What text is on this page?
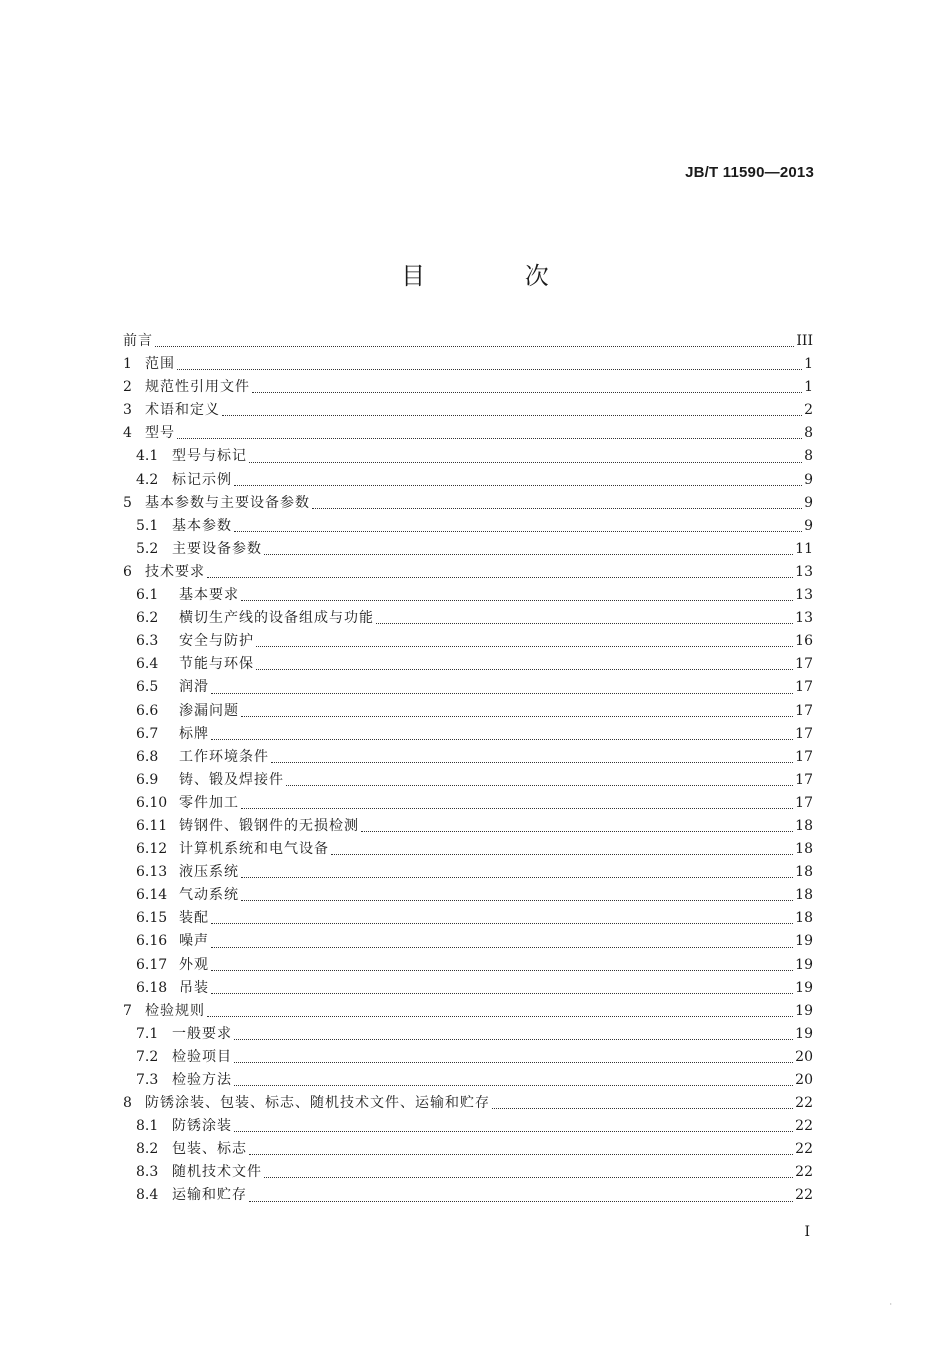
JB/T 11590—2013
目 次
前言	III
1 范围	1
2 规范性引用文件	1
3 术语和定义	2
4 型号	8
4.1 型号与标记	8
4.2 标记示例	9
5 基本参数与主要设备参数	9
5.1 基本参数	9
5.2 主要设备参数	11
6 技术要求	13
6.1	基本要求	13
6.2	横切生产线的设备组成与功能	13
6.3	安全与防护	16
6.4	节能与环保	17
6.5	润滑	17
6.6	渗漏问题	17
6.7	标牌	17
6.8	工作环境条件	17
6.9	铸、锻及焊接件	17
6.10 零件加工	17
6.11 铸钢件、锻钢件的无损检测	18
6.12 计算机系统和电气设备	18
6.13 液压系统	18
6.14 气动系统	18
6.15 装配	18
6.16 噪声	19
6.17 外观	19
6.18 吊装	19
7 检验规则	19
7.1 一般要求	19
7.2 检验项目	20
7.3 检验方法	20
8 防锈涂装、包装、标志、随机技术文件、运输和贮存	22
8.1 防锈涂装	22
8.2 包装、标志	22
8.3 随机技术文件	22
8.4 运输和贮存	22
I
·
